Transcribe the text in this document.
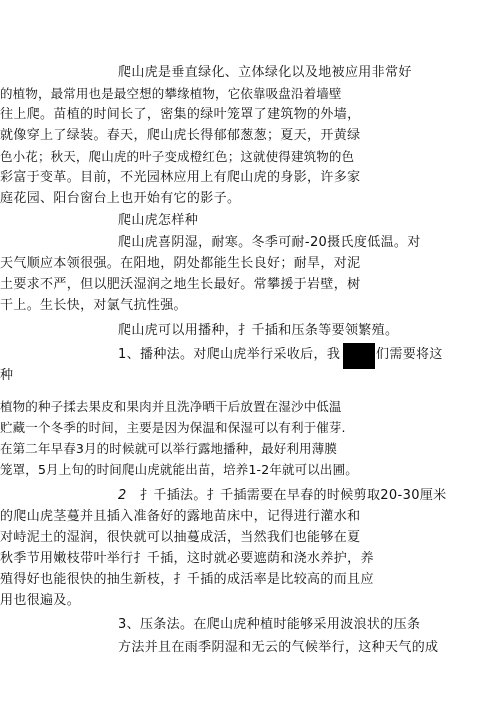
爬山虎是垂直绿化、立体绿化以及地被应用非常好

的植物，最常用也是最空想的攀缘植物，它依靠吸盘沿着墙壁

往上爬。苗植的时间长了，密集的绿叶笼罩了建筑物的外墙，

就像穿上了绿装。春天，爬山虎长得郁郁葱葱；夏天，开黄绿

色小花；秋天，爬山虎的叶子变成橙红色；这就使得建筑物的色

彩富于变革。目前，不光园林应用上有爬山虎的身影，许多家

庭花园、阳台窗台上也开始有它的影子。

爬山虎怎样种

爬山虎喜阴湿，耐寒。冬季可耐-20摄氏度低温。对

天气顺应本领很强。在阳地，阴处都能生长良好；耐旱，对泥

土要求不严，但以肥沃湿润之地生长最好。常攀援于岩壁，树

干上。生长快，对氯气抗性强。

爬山虎可以用播种，扌千插和压条等要领繁殖。

1、播种法。对爬山虎举行采收后，我	们需要将这

种

植物的种子揉去果皮和果肉并且洗净晒干后放置在湿沙中低温

贮藏一个冬季的时间，主要是因为保温和保湿可以有利于催芽.

在第二年早春3月的时候就可以举行露地播种，最好利用薄膜

笼罩，5月上旬的时间爬山虎就能出苗，培养1-2年就可以出圃。

2 扌千插法。扌千插需要在早春的时候剪取20-30厘米

的爬山虎茎蔓并且插入准备好的露地苗床中，记得进行灌水和

对峙泥土的湿润，很快就可以抽蔓成活，当然我们也能够在夏

秋季节用嫩枝带叶举行扌千插，这时就必要遮荫和浇水养护，养

殖得好也能很快的抽生新枝，扌千插的成活率是比较高的而且应

用也很遍及。

3、压条法。在爬山虎种植时能够采用波浪状的压条

方法并且在雨季阴湿和无云的气候举行，这种天气的成
